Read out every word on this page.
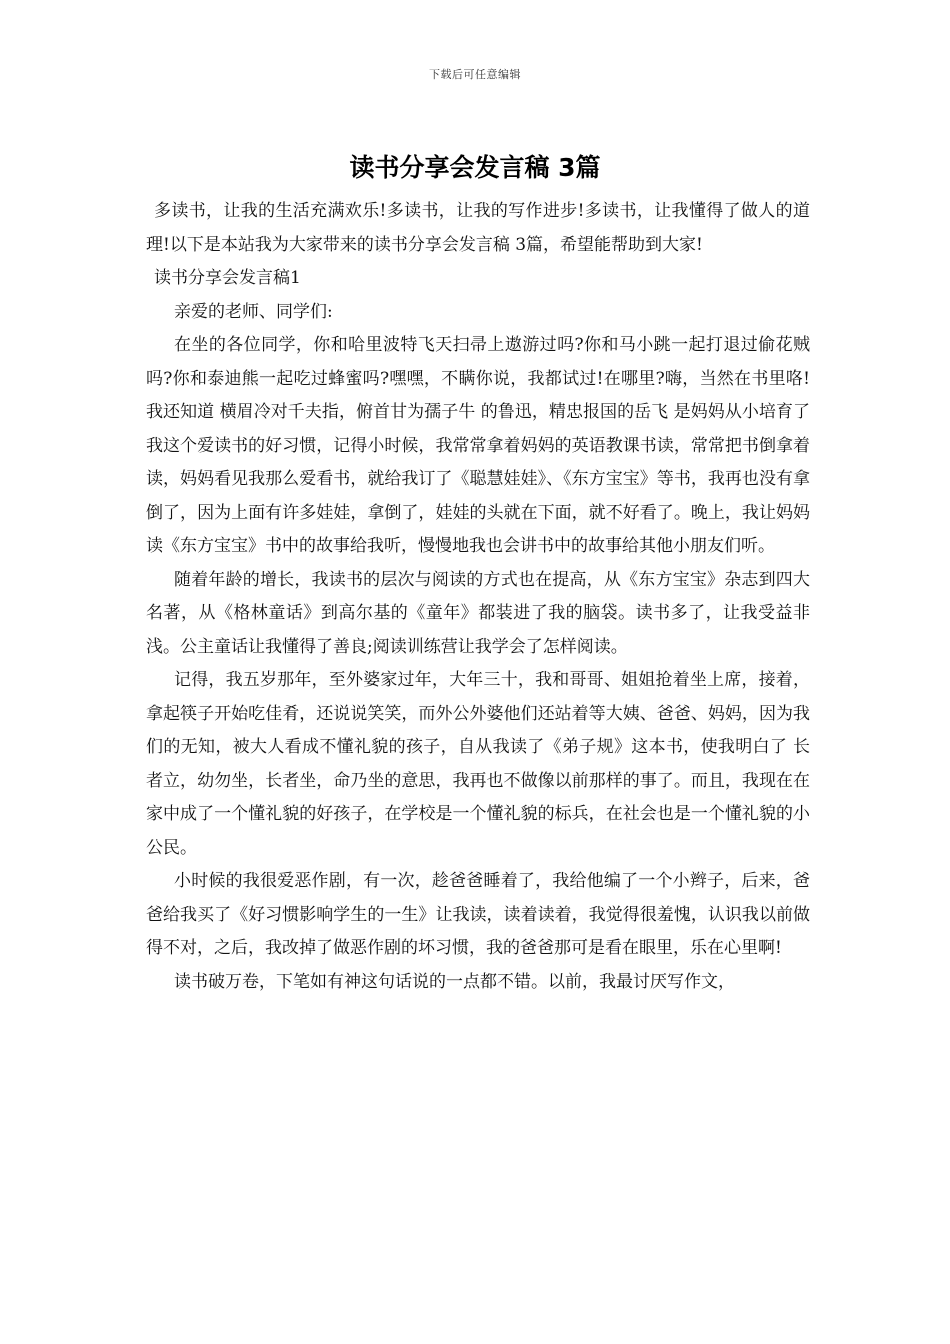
下载后可任意编辑
读书分享会发言稿 3篇

多读书，让我的生活充满欢乐!多读书，让我的写作进步!多读书，让我懂得了做人的道理!以下是本站我为大家带来的读书分享会发言稿 3篇，希望能帮助到大家!

读书分享会发言稿1

亲爱的老师、同学们:

在坐的各位同学，你和哈里波特飞天扫帚上遨游过吗?你和马小跳一起打退过偷花贼吗?你和泰迪熊一起吃过蜂蜜吗?嘿嘿，不瞒你说，我都试过!在哪里?嗨，当然在书里咯!我还知道 横眉冷对千夫指，俯首甘为孺子牛 的鲁迅，精忠报国的岳飞 是妈妈从小培育了我这个爱读书的好习惯，记得小时候，我常常拿着妈妈的英语教课书读，常常把书倒拿着读，妈妈看见我那么爱看书，就给我订了《聪慧娃娃》、《东方宝宝》等书，我再也没有拿倒了，因为上面有许多娃娃，拿倒了，娃娃的头就在下面，就不好看了。晚上，我让妈妈读《东方宝宝》书中的故事给我听，慢慢地我也会讲书中的故事给其他小朋友们听。

随着年龄的增长，我读书的层次与阅读的方式也在提高，从《东方宝宝》杂志到四大名著，从《格林童话》到高尔基的《童年》都装进了我的脑袋。读书多了，让我受益非浅。公主童话让我懂得了善良;阅读训练营让我学会了怎样阅读。

记得，我五岁那年，至外婆家过年，大年三十，我和哥哥、姐姐抢着坐上席，接着，拿起筷子开始吃佳肴，还说说笑笑，而外公外婆他们还站着等大姨、爸爸、妈妈，因为我们的无知，被大人看成不懂礼貌的孩子，自从我读了《弟子规》这本书，使我明白了 长者立，幼勿坐，长者坐，命乃坐的意思，我再也不做像以前那样的事了。而且，我现在在家中成了一个懂礼貌的好孩子，在学校是一个懂礼貌的标兵，在社会也是一个懂礼貌的小公民。

小时候的我很爱恶作剧，有一次，趁爸爸睡着了，我给他编了一个小辫子，后来，爸爸给我买了《好习惯影响学生的一生》让我读，读着读着，我觉得很羞愧，认识我以前做得不对，之后，我改掉了做恶作剧的坏习惯，我的爸爸那可是看在眼里，乐在心里啊!

读书破万卷，下笔如有神这句话说的一点都不错。以前，我最讨厌写作文，
